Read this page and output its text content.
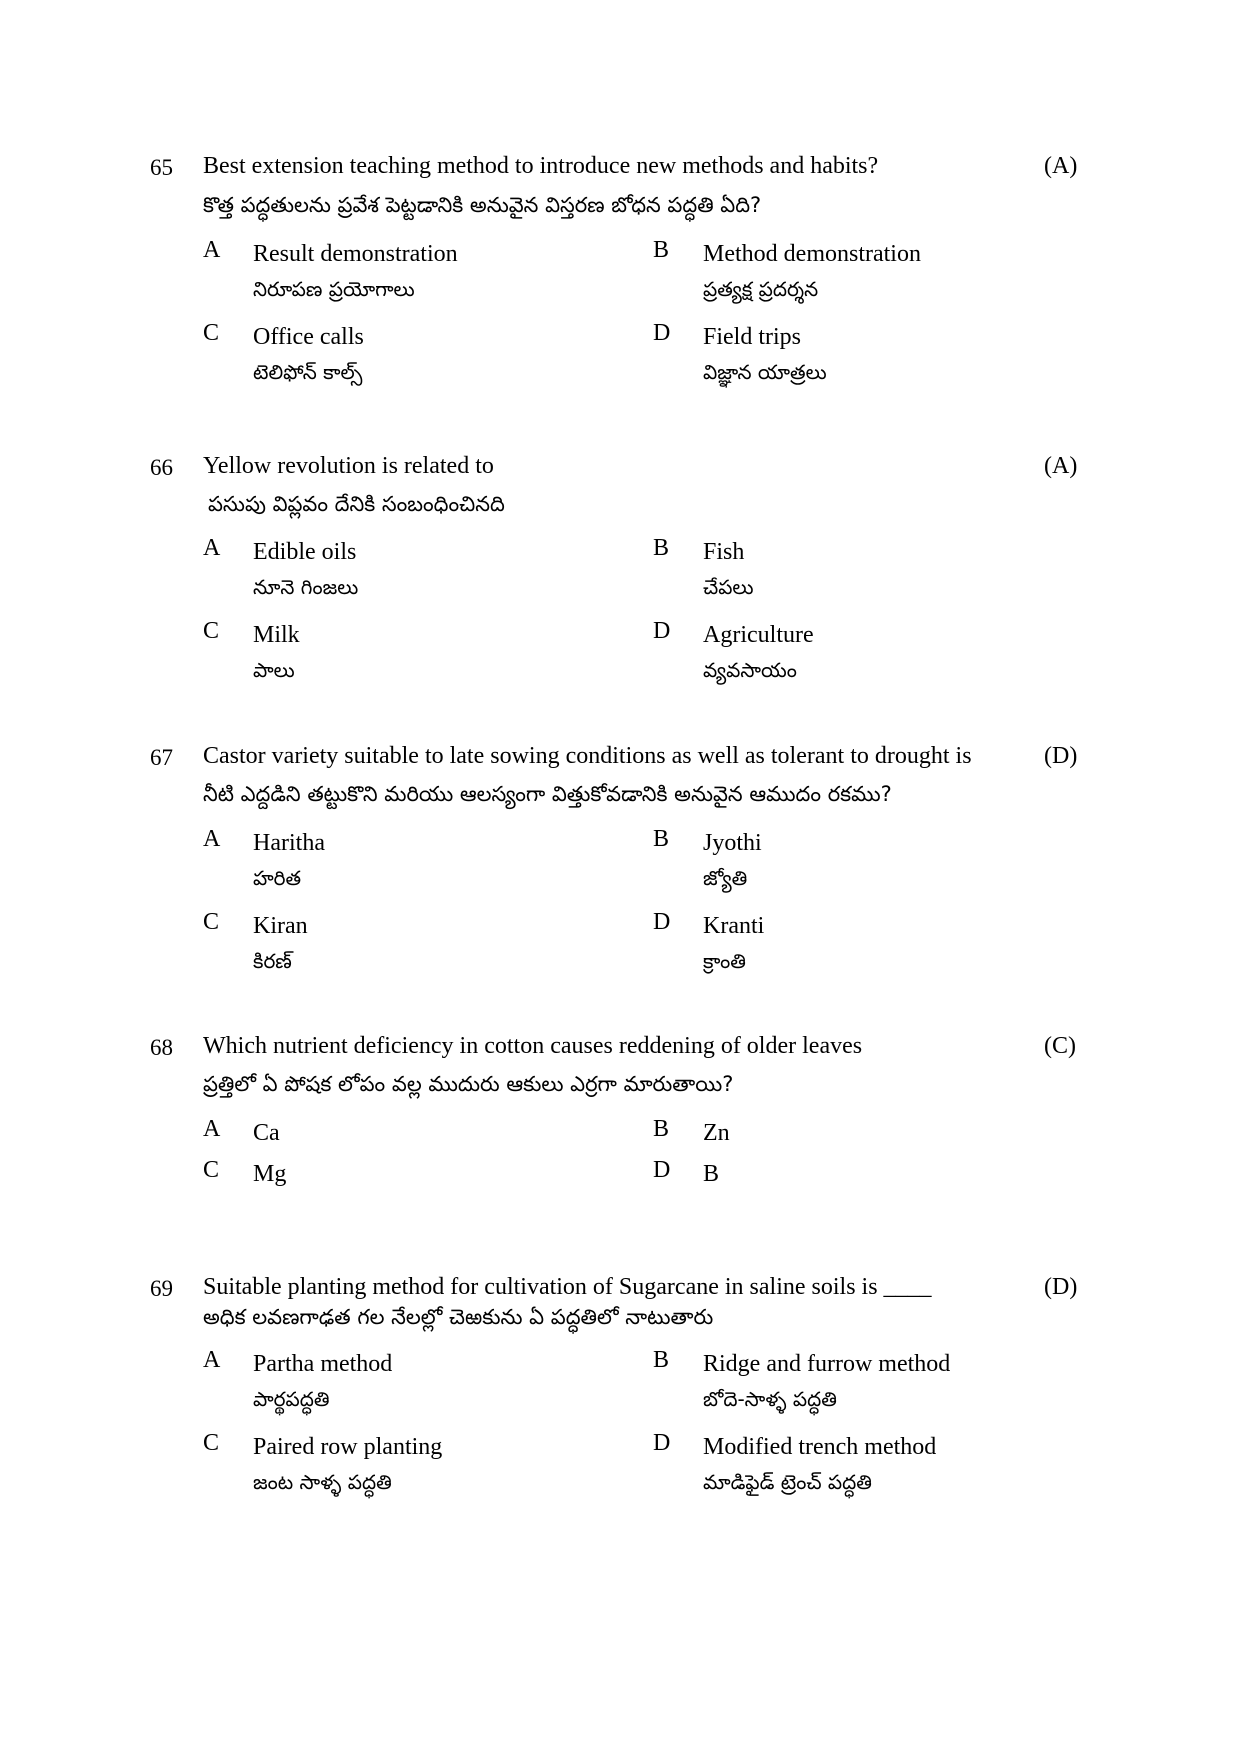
65 Best extension teaching method to introduce new methods and habits?
కొత్త పద్ధతులను ప్రవేశ పెట్టడానికి అనువైన విస్తరణ బోధన పద్ధతి ఏది?
(A)
A Result demonstration
నిరూపణ ప్రయోగాలు
B Method demonstration
ప్రత్యక్ష ప్రదర్శన
C Office calls
టెలిఫోన్ కాల్స్
D Field trips
విజ్ఞాన యాత్రలు
66 Yellow revolution is related to
పసుపు విప్లవం దేనికి సంబంధించినది
(A)
A Edible oils
నూనె గింజలు
B Fish
చేపలు
C Milk
పాలు
D Agriculture
వ్యవసాయం
67 Castor variety suitable to late sowing conditions as well as tolerant to drought is
నీటి ఎద్దడిని తట్టుకొని మరియు ఆలస్యంగా విత్తుకోవడానికి అనువైన ఆముదం రకము?
(D)
A Haritha
హరిత
B Jyothi
జ్యోతి
C Kiran
కిరణ్
D Kranti
క్రాంతి
68 Which nutrient deficiency in cotton causes reddening of older leaves
ప్రత్తిలో ఏ పోషక లోపం వల్ల ముదురు ఆకులు ఎర్రగా మారుతాయి?
(C)
A Ca	B Zn
C Mg	D B
69 Suitable planting method for cultivation of Sugarcane in saline soils is ____
అధిక లవణగాఢత గల నేలల్లో చెఱకును ఏ పద్ధతిలో నాటుతారు
(D)
A Partha method
పార్థపద్ధతి
B Ridge and furrow method
బోదె-సాళ్ళ పద్ధతి
C Paired row planting
జంట సాళ్ళ పద్ధతి
D Modified trench method
మాడిఫైడ్ ట్రెంచ్ పద్ధతి
